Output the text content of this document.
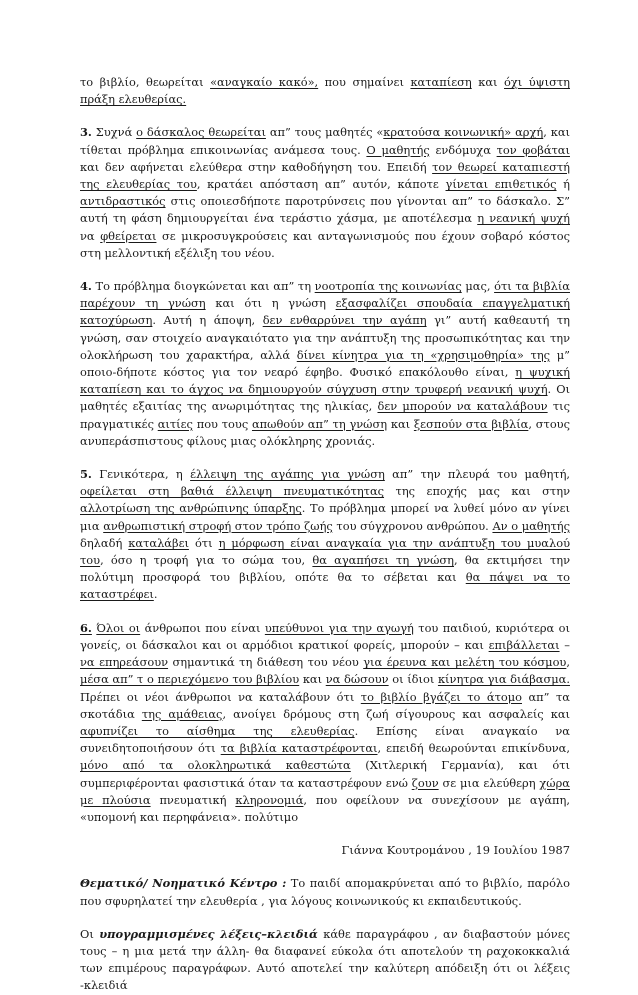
το βιβλίο, θεωρείται «αναγκαίο κακό», που σημαίνει καταπίεση και όχι ύψιστη πράξη ελευθερίας.

3. Συχνά ο δάσκαλος θεωρείται απ” τους μαθητές «κρατούσα κοινωνική» αρχή, και τίθεται πρόβλημα επικοινωνίας ανάμεσα τους. Ο μαθητής ενδόμυχα τον φοβάται και δεν αφήνεται ελεύθερα στην καθοδήγηση του. Επειδή τον θεωρεί καταπιεστή της ελευθερίας του, κρατάει απόσταση απ” αυτόν, κάποτε γίνεται επιθετικός ή αντιδραστικός στις οποιεσδήποτε παροτρύνσεις που γίνονται απ” το δάσκαλο. Σ” αυτή τη φάση δημιουργείται ένα τεράστιο χάσμα, με αποτέλεσμα η νεανική ψυχή να φθείρεται σε μικροσυγκρούσεις και ανταγωνισμούς που έχουν σοβαρό κόστος στη μελλοντική εξέλιξη του νέου.

4. Το πρόβλημα διογκώνεται και απ” τη νοοτροπία της κοινωνίας μας, ότι τα βιβλία παρέχουν τη γνώση και ότι η γνώση εξασφαλίζει σπουδαία επαγγελματική κατοχύρωση. Αυτή η άποψη, δεν ενθαρρύνει την αγάπη γι” αυτή καθεαυτή τη γνώση, σαν στοιχείο αναγκαιότατο για την ανάπτυξη της προσωπικότητας και την ολοκλήρωση του χαρακτήρα, αλλά δίνει κίνητρα για τη «χρησιμοθηρία» της μ” οποιο-δήποτε κόστος για τον νεαρό έφηβο. Φυσικό επακόλουθο είναι, η ψυχική καταπίεση και το άγχος να δημιουργούν σύγχυση στην τρυφερή νεανική ψυχή. Οι μαθητές εξαιτίας της ανωριμότητας της ηλικίας, δεν μπορούν να καταλάβουν τις πραγματικές αιτίες που τους απωθούν απ” τη γνώση και ξεσπούν στα βιβλία, στους ανυπεράσπιστους φίλους μιας ολόκληρης χρονιάς.

5. Γενικότερα, η έλλειψη της αγάπης για γνώση απ” την πλευρά του μαθητή, οφείλεται στη βαθιά έλλειψη πνευματικότητας της εποχής μας και στην αλλοτρίωση της ανθρώπινης ύπαρξης. Το πρόβλημα μπορεί να λυθεί μόνο αν γίνει μια ανθρωπιστική στροφή στον τρόπο ζωής του σύγχρονου ανθρώπου. Αν ο μαθητής δηλαδή καταλάβει ότι η μόρφωση είναι αναγκαία για την ανάπτυξη του μυαλού του, όσο η τροφή για το σώμα του, θα αγαπήσει τη γνώση, θα εκτιμήσει την πολύτιμη προσφορά του βιβλίου, οπότε θα το σέβεται και θα πάψει να το καταστρέφει.

6. Όλοι οι άνθρωποι που είναι υπεύθυνοι για την αγωγή του παιδιού, κυριότερα οι γονείς, οι δάσκαλοι και οι αρμόδιοι κρατικοί φορείς, μπορούν – και επιβάλλεται – να επηρεάσουν σημαντικά τη διάθεση του νέου για έρευνα και μελέτη του κόσμου, μέσα απ” τ ο περιεχόμενο του βιβλίου και να δώσουν οι ίδιοι κίνητρα για διάβασμα. Πρέπει οι νέοι άνθρωποι να καταλάβουν ότι το βιβλίο βγάζει το άτομο απ” τα σκοτάδια της αμάθειας, ανοίγει δρόμους στη ζωή σίγουρους και ασφαλείς και αφυπνίζει το αίσθημα της ελευθερίας. Επίσης είναι αναγκαίο να συνειδητοποιήσουν ότι τα βιβλία καταστρέφονται, επειδή θεωρούνται επικίνδυνα, μόνο από τα ολοκληρωτικά καθεστώτα (Χιτλερική Γερμανία), και ότι συμπεριφέρονται φασιστικά όταν τα καταστρέφουν ενώ ζουν σε μια ελεύθερη χώρα με πλούσια πνευματική κληρονομιά, που οφείλουν να συνεχίσουν με αγάπη, «υπομονή και περηφάνεια». πολύτιμο

Γιάννα Κουτρομάνου , 19 Ιουλίου 1987

Θεματικό/ Νοηματικό Κέντρο : Το παιδί απομακρύνεται από το βιβλίο, παρόλο που σφυρηλατεί την ελευθερία , για λόγους κοινωνικούς κι εκπαιδευτικούς.

Οι υπογραμμισμένες λέξεις–κλειδιά κάθε παραγράφου , αν διαβαστούν μόνες τους – η μια μετά την άλλη- θα διαφανεί εύκολα ότι αποτελούν τη ραχοκοκκαλιά των επιμέρους παραγράφων. Αυτό αποτελεί την καλύτερη απόδειξη ότι οι λέξεις -κλειδιά
